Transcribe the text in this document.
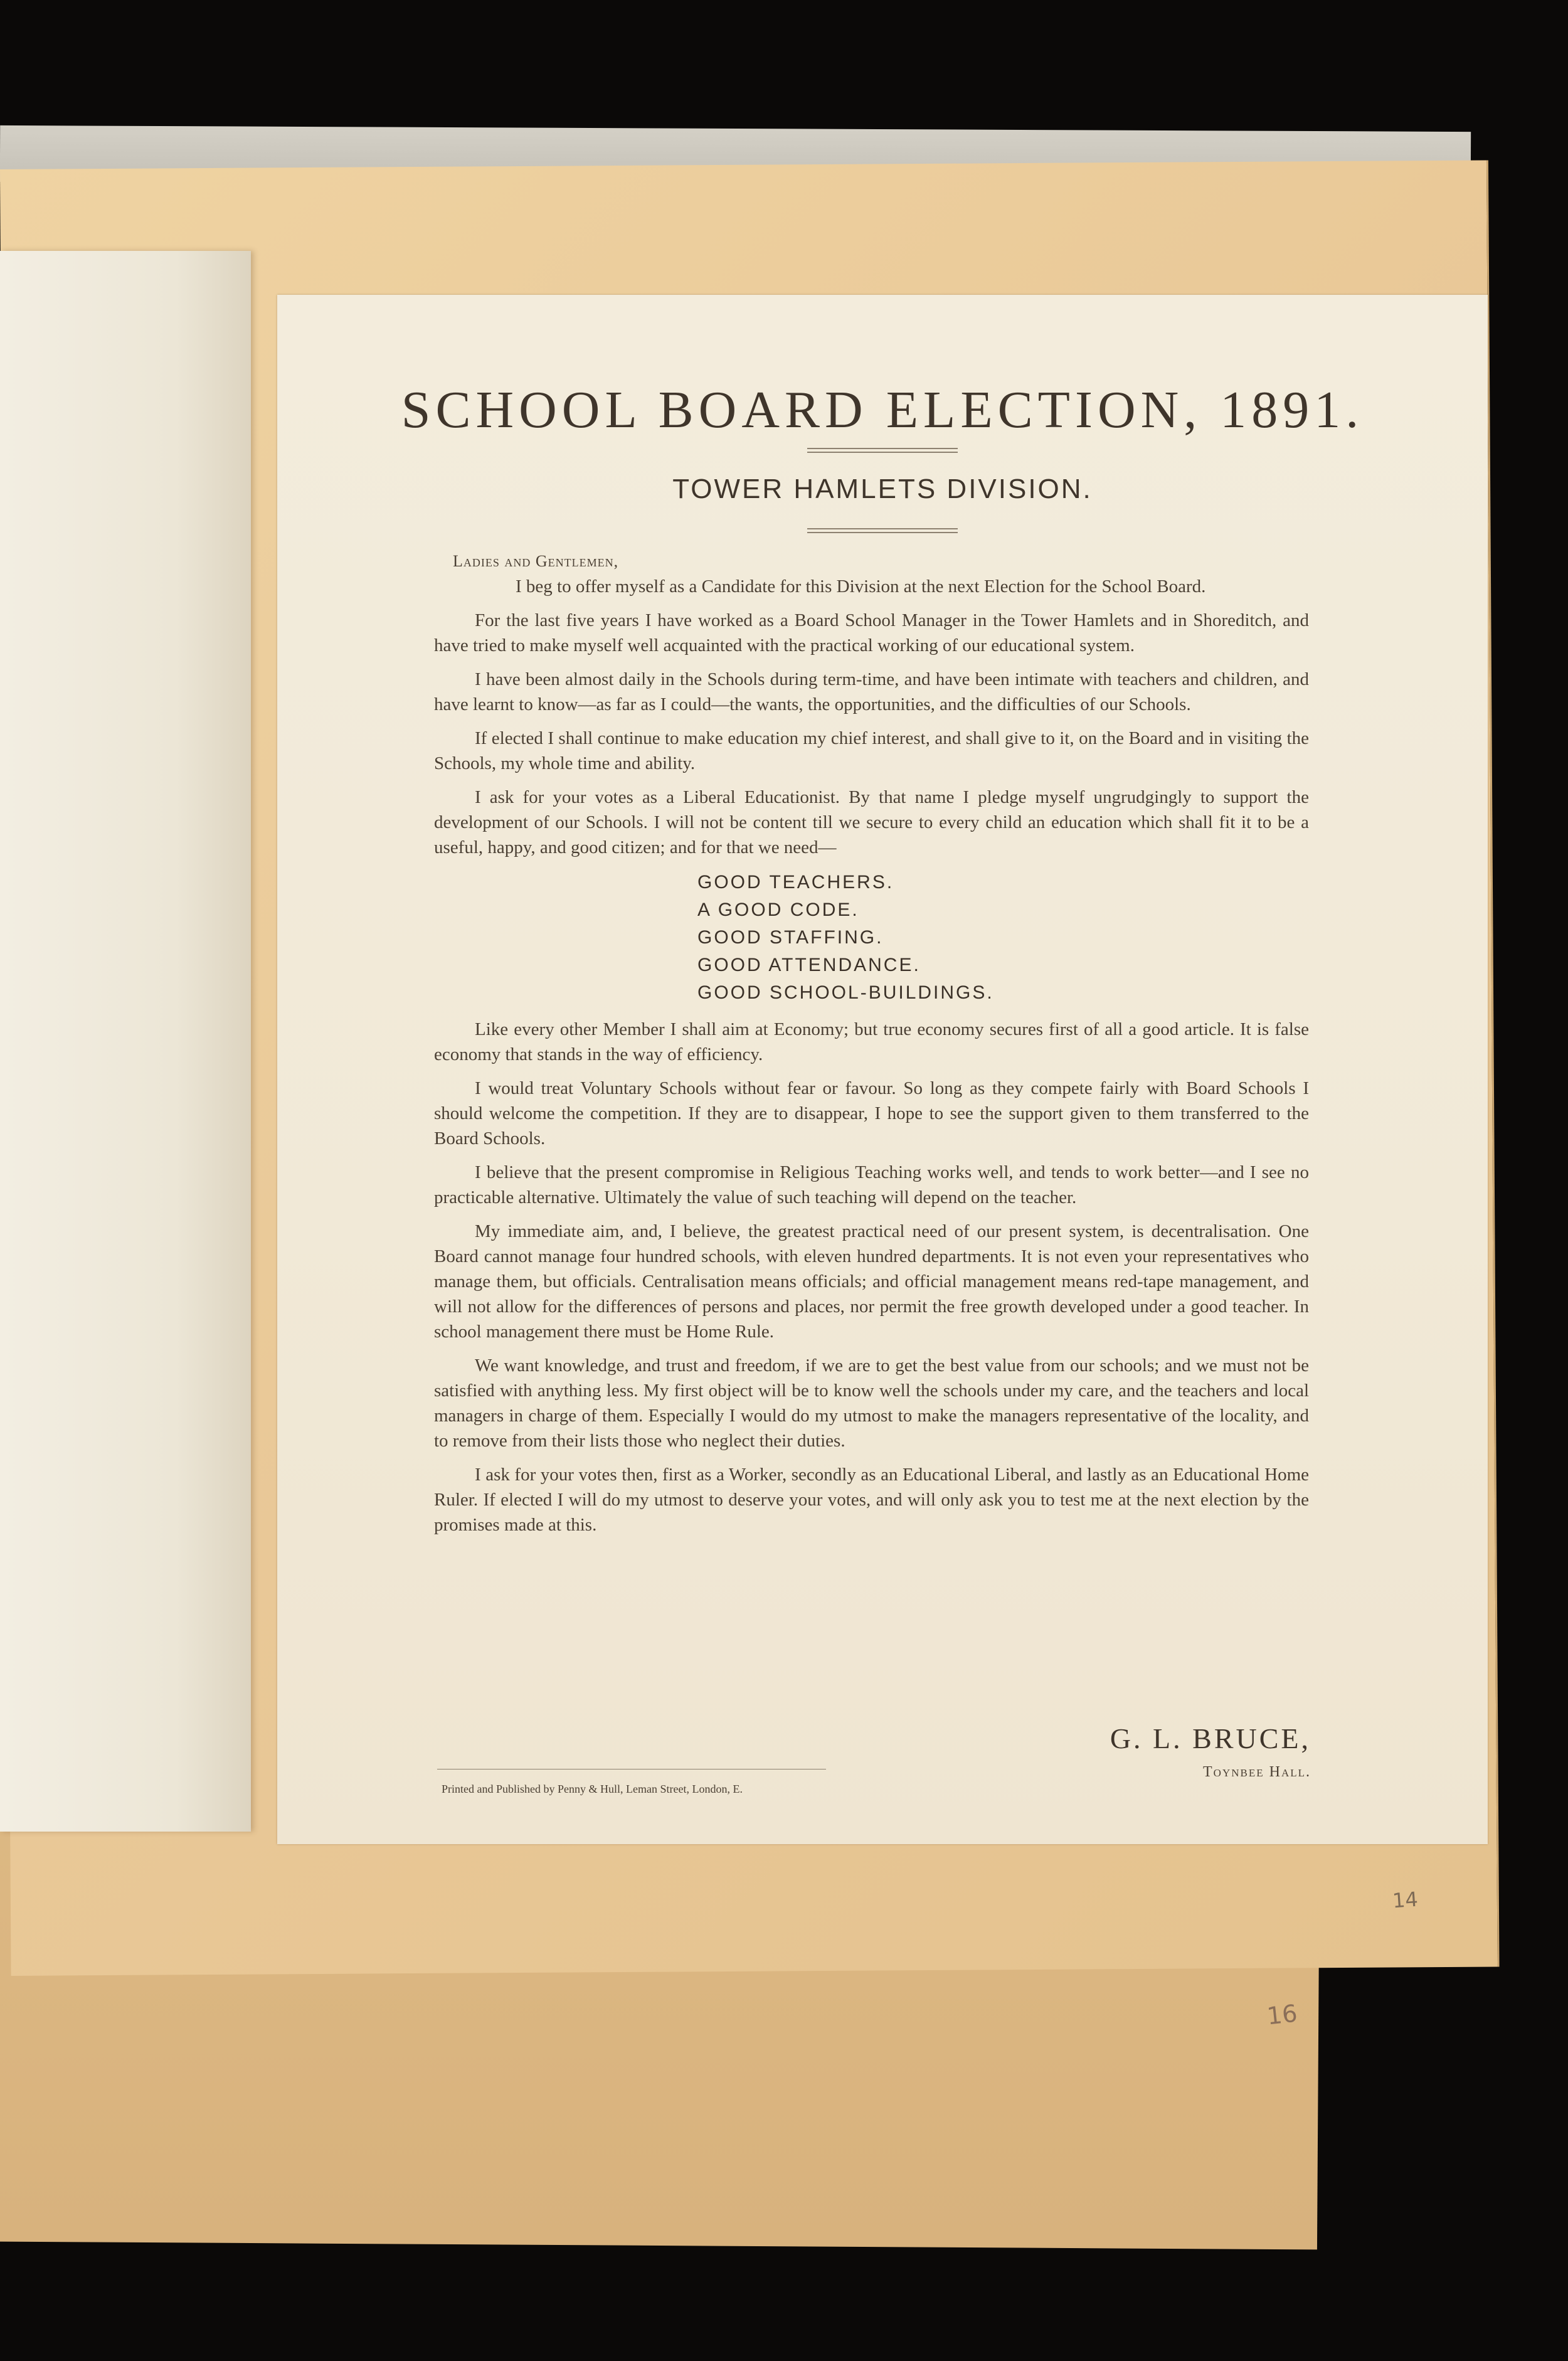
SCHOOL BOARD ELECTION, 1891.
TOWER HAMLETS DIVISION.
Ladies and Gentlemen,

I beg to offer myself as a Candidate for this Division at the next Election for the School Board.

For the last five years I have worked as a Board School Manager in the Tower Hamlets and in Shoreditch, and have tried to make myself well acquainted with the practical working of our educational system.

I have been almost daily in the Schools during term-time, and have been intimate with teachers and children, and have learnt to know—as far as I could—the wants, the opportunities, and the difficulties of our Schools.

If elected I shall continue to make education my chief interest, and shall give to it, on the Board and in visiting the Schools, my whole time and ability.

I ask for your votes as a Liberal Educationist. By that name I pledge myself ungrudgingly to support the development of our Schools. I will not be content till we secure to every child an education which shall fit it to be a useful, happy, and good citizen; and for that we need—

GOOD TEACHERS.
A GOOD CODE.
GOOD STAFFING.
GOOD ATTENDANCE.
GOOD SCHOOL-BUILDINGS.

Like every other Member I shall aim at Economy; but true economy secures first of all a good article. It is false economy that stands in the way of efficiency.

I would treat Voluntary Schools without fear or favour. So long as they compete fairly with Board Schools I should welcome the competition. If they are to disappear, I hope to see the support given to them transferred to the Board Schools.

I believe that the present compromise in Religious Teaching works well, and tends to work better—and I see no practicable alternative. Ultimately the value of such teaching will depend on the teacher.

My immediate aim, and, I believe, the greatest practical need of our present system, is decentralisation. One Board cannot manage four hundred schools, with eleven hundred departments. It is not even your representatives who manage them, but officials. Centralisation means officials; and official management means red-tape management, and will not allow for the differences of persons and places, nor permit the free growth developed under a good teacher. In school management there must be Home Rule.

We want knowledge, and trust and freedom, if we are to get the best value from our schools; and we must not be satisfied with anything less. My first object will be to know well the schools under my care, and the teachers and local managers in charge of them. Especially I would do my utmost to make the managers representative of the locality, and to remove from their lists those who neglect their duties.

I ask for your votes then, first as a Worker, secondly as an Educational Liberal, and lastly as an Educational Home Ruler. If elected I will do my utmost to deserve your votes, and will only ask you to test me at the next election by the promises made at this.

G. L. BRUCE,
Toynbee Hall.
Printed and Published by Penny & Hull, Leman Street, London, E.
14
16
